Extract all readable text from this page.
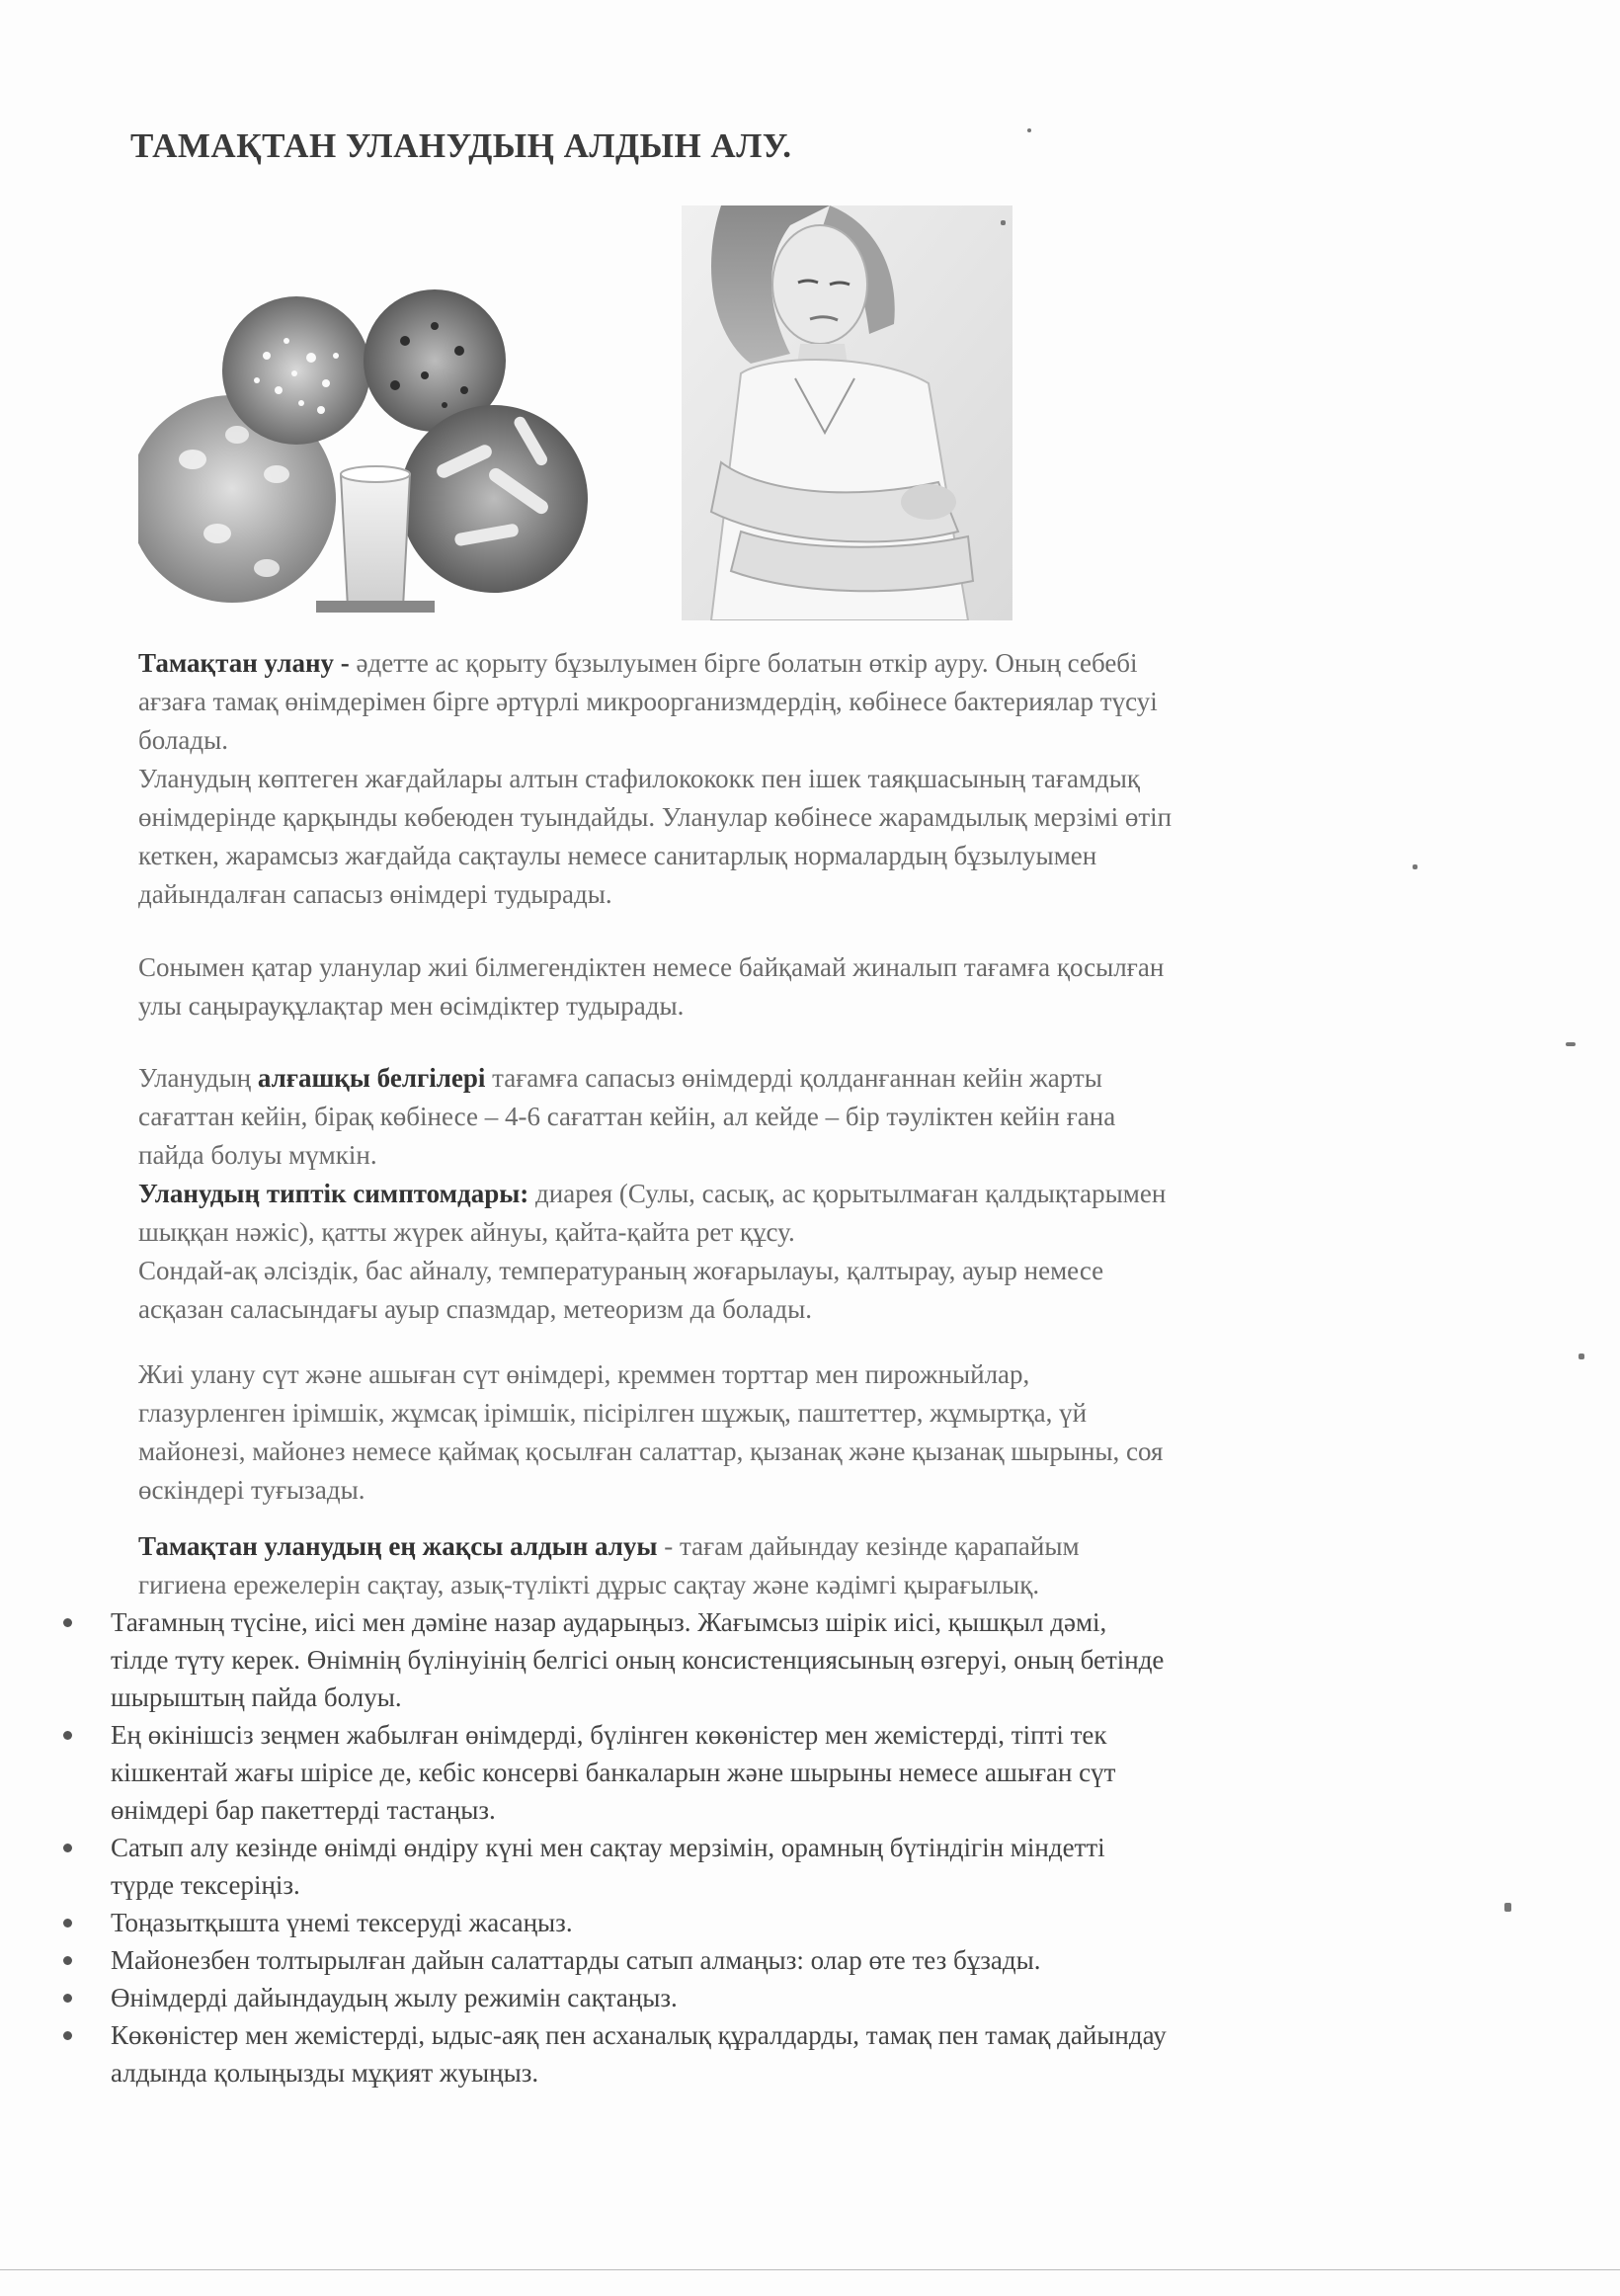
ТАМАҚТАН УЛАНУДЫҢ АЛДЫН АЛУ.

Тамақтан улану - әдетте ас қорыту бұзылуымен бірге болатын өткір ауру. Оның себебі

ағзаға тамақ өнімдерімен бірге әртүрлі микроорганизмдердің, көбінесе бактериялар түсуі

болады.

Уланудың көптеген жағдайлары алтын стафилокококк пен ішек таяқшасының тағамдық

өнімдерінде қарқынды көбеюден туындайды. Уланулар көбінесе жарамдылық мерзімі өтіп

кеткен, жарамсыз жағдайда сақтаулы немесе санитарлық нормалардың бұзылуымен

дайындалған сапасыз өнімдері тудырады.

Сонымен қатар уланулар жиі білмегендіктен немесе байқамай жиналып тағамға қосылған

улы саңырауқұлақтар мен өсімдіктер тудырады.

Уланудың алғашқы белгілері тағамға сапасыз өнімдерді қолданғаннан кейін жарты

сағаттан кейін, бірақ көбінесе – 4-6 сағаттан кейін, ал кейде – бір тәуліктен кейін ғана

пайда болуы мүмкін.

Уланудың типтік симптомдары: диарея (Сулы, сасық, ас қорытылмаған қалдықтарымен

шыққан нәжіс), қатты жүрек айнуы, қайта-қайта рет құсу.

Сондай-ақ әлсіздік, бас айналу, температураның жоғарылауы, қалтырау, ауыр немесе

асқазан саласындағы ауыр спазмдар, метеоризм да болады.

Жиі улану сүт және ашыған сүт өнімдері, креммен торттар мен пирожныйлар,

глазурленген ірімшік, жұмсақ ірімшік, пісірілген шұжық, паштеттер, жұмыртқа, үй

майонезі, майонез немесе қаймақ қосылған салаттар, қызанақ және қызанақ шырыны, соя

өскіндері туғызады.

Тамақтан уланудың ең жақсы алдын алуы - тағам дайындау кезінде қарапайым

гигиена ережелерін сақтау, азық-түлікті дұрыс сақтау және кәдімгі қырағылық.

Тағамның түсіне, иісі мен дәміне назар аударыңыз. Жағымсыз шірік иісі, қышқыл дәмі,
тілде түту керек. Өнімнің бүлінуінің белгісі оның консистенциясының өзгеруі, оның бетінде
шырыштың пайда болуы.
Ең өкінішсіз зеңмен жабылған өнімдерді, бүлінген көкөністер мен жемістерді, тіпті тек
кішкентай жағы шірісе де, кебіс консерві банкаларын және шырыны немесе ашыған сүт
өнімдері бар пакеттерді тастаңыз.
Сатып алу кезінде өнімді өндіру күні мен сақтау мерзімін, орамның бүтіндігін міндетті
түрде тексеріңіз.
Тоңазытқышта үнемі тексеруді жасаңыз.
Майонезбен толтырылған дайын салаттарды сатып алмаңыз: олар өте тез бұзады.
Өнімдерді дайындаудың жылу режимін сақтаңыз.
Көкөністер мен жемістерді, ыдыс-аяқ пен асханалық құралдарды, тамақ пен тамақ дайындау
алдында қолыңызды мұқият жуыңыз.
